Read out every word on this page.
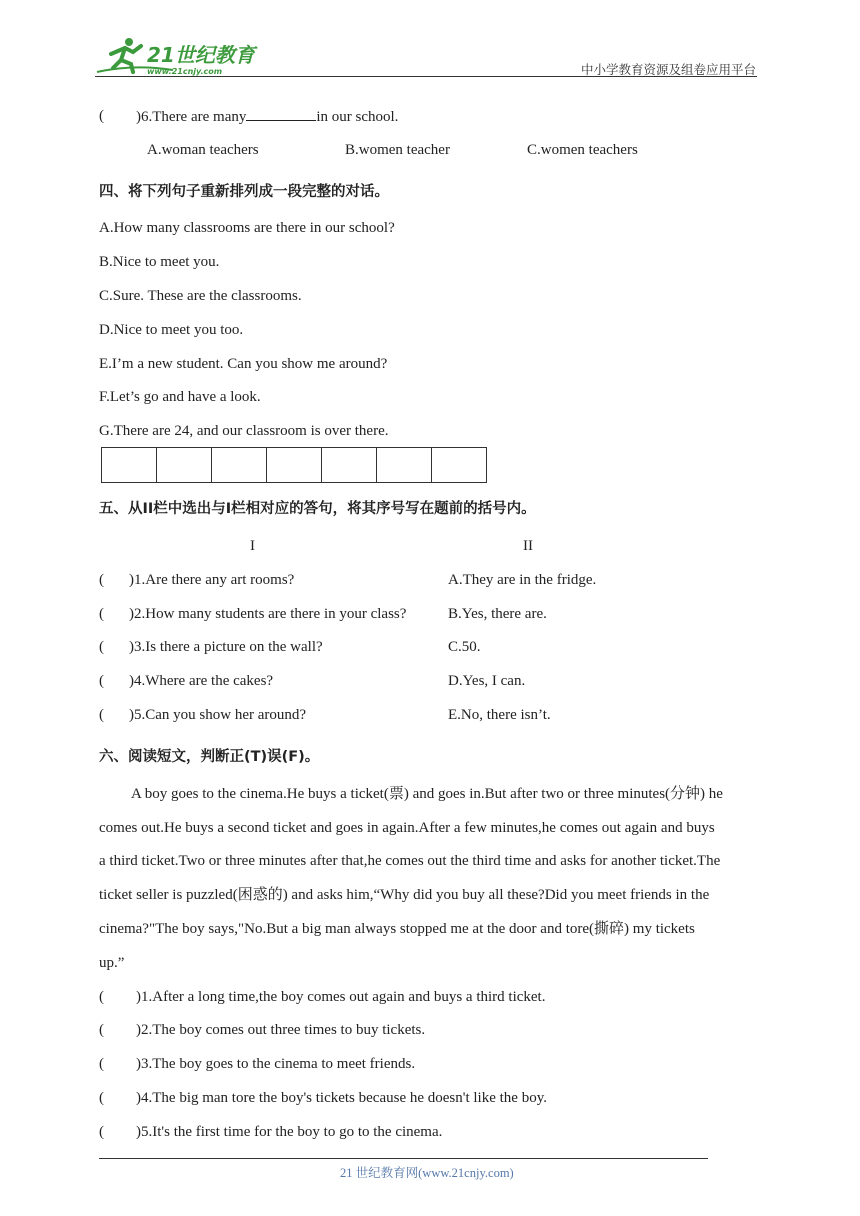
21世纪教育
www.21cnjy.com	中小学教育资源及组卷应用平台
( )6.There are many	in our school.
A.woman teachers	B.women teacher	C.women teachers
四、将下列句子重新排列成一段完整的对话。
A.How many classrooms are there in our school?
B.Nice to meet you.
C.Sure. These are the classrooms.
D.Nice to meet you too.
E.I’m a new student. Can you show me around?
F.Let’s go and have a look.
G.There are 24, and our classroom is over there.

五、从II栏中选出与I栏相对应的答句，将其序号写在题前的括号内。
I	II
( )1.Are there any art rooms?	A.They are in the fridge.
( )2.How many students are there in your class?	B.Yes, there are.
( )3.Is there a picture on the wall?	C.50.
( )4.Where are the cakes?	D.Yes, I can.
( )5.Can you show her around?	E.No, there isn’t.
六、阅读短文，判断正(T)误(F)。
A boy goes to the cinema.He buys a ticket(票) and goes in.But after two or three minutes(分钟) he
comes out.He buys a second ticket and goes in again.After a few minutes,he comes out again and buys
a third ticket.Two or three minutes after that,he comes out the third time and asks for another ticket.The
ticket seller is puzzled(困惑的) and asks him,“Why did you buy all these?Did you meet friends in the
cinema?"The boy says,"No.But a big man always stopped me at the door and tore(撕碎) my tickets
up.”
( )1.After a long time,the boy comes out again and buys a third ticket.
( )2.The boy comes out three times to buy tickets.
( )3.The boy goes to the cinema to meet friends.
( )4.The big man tore the boy's tickets because he doesn't like the boy.
( )5.It's the first time for the boy to go to the cinema.
21 世纪教育网(www.21cnjy.com)
